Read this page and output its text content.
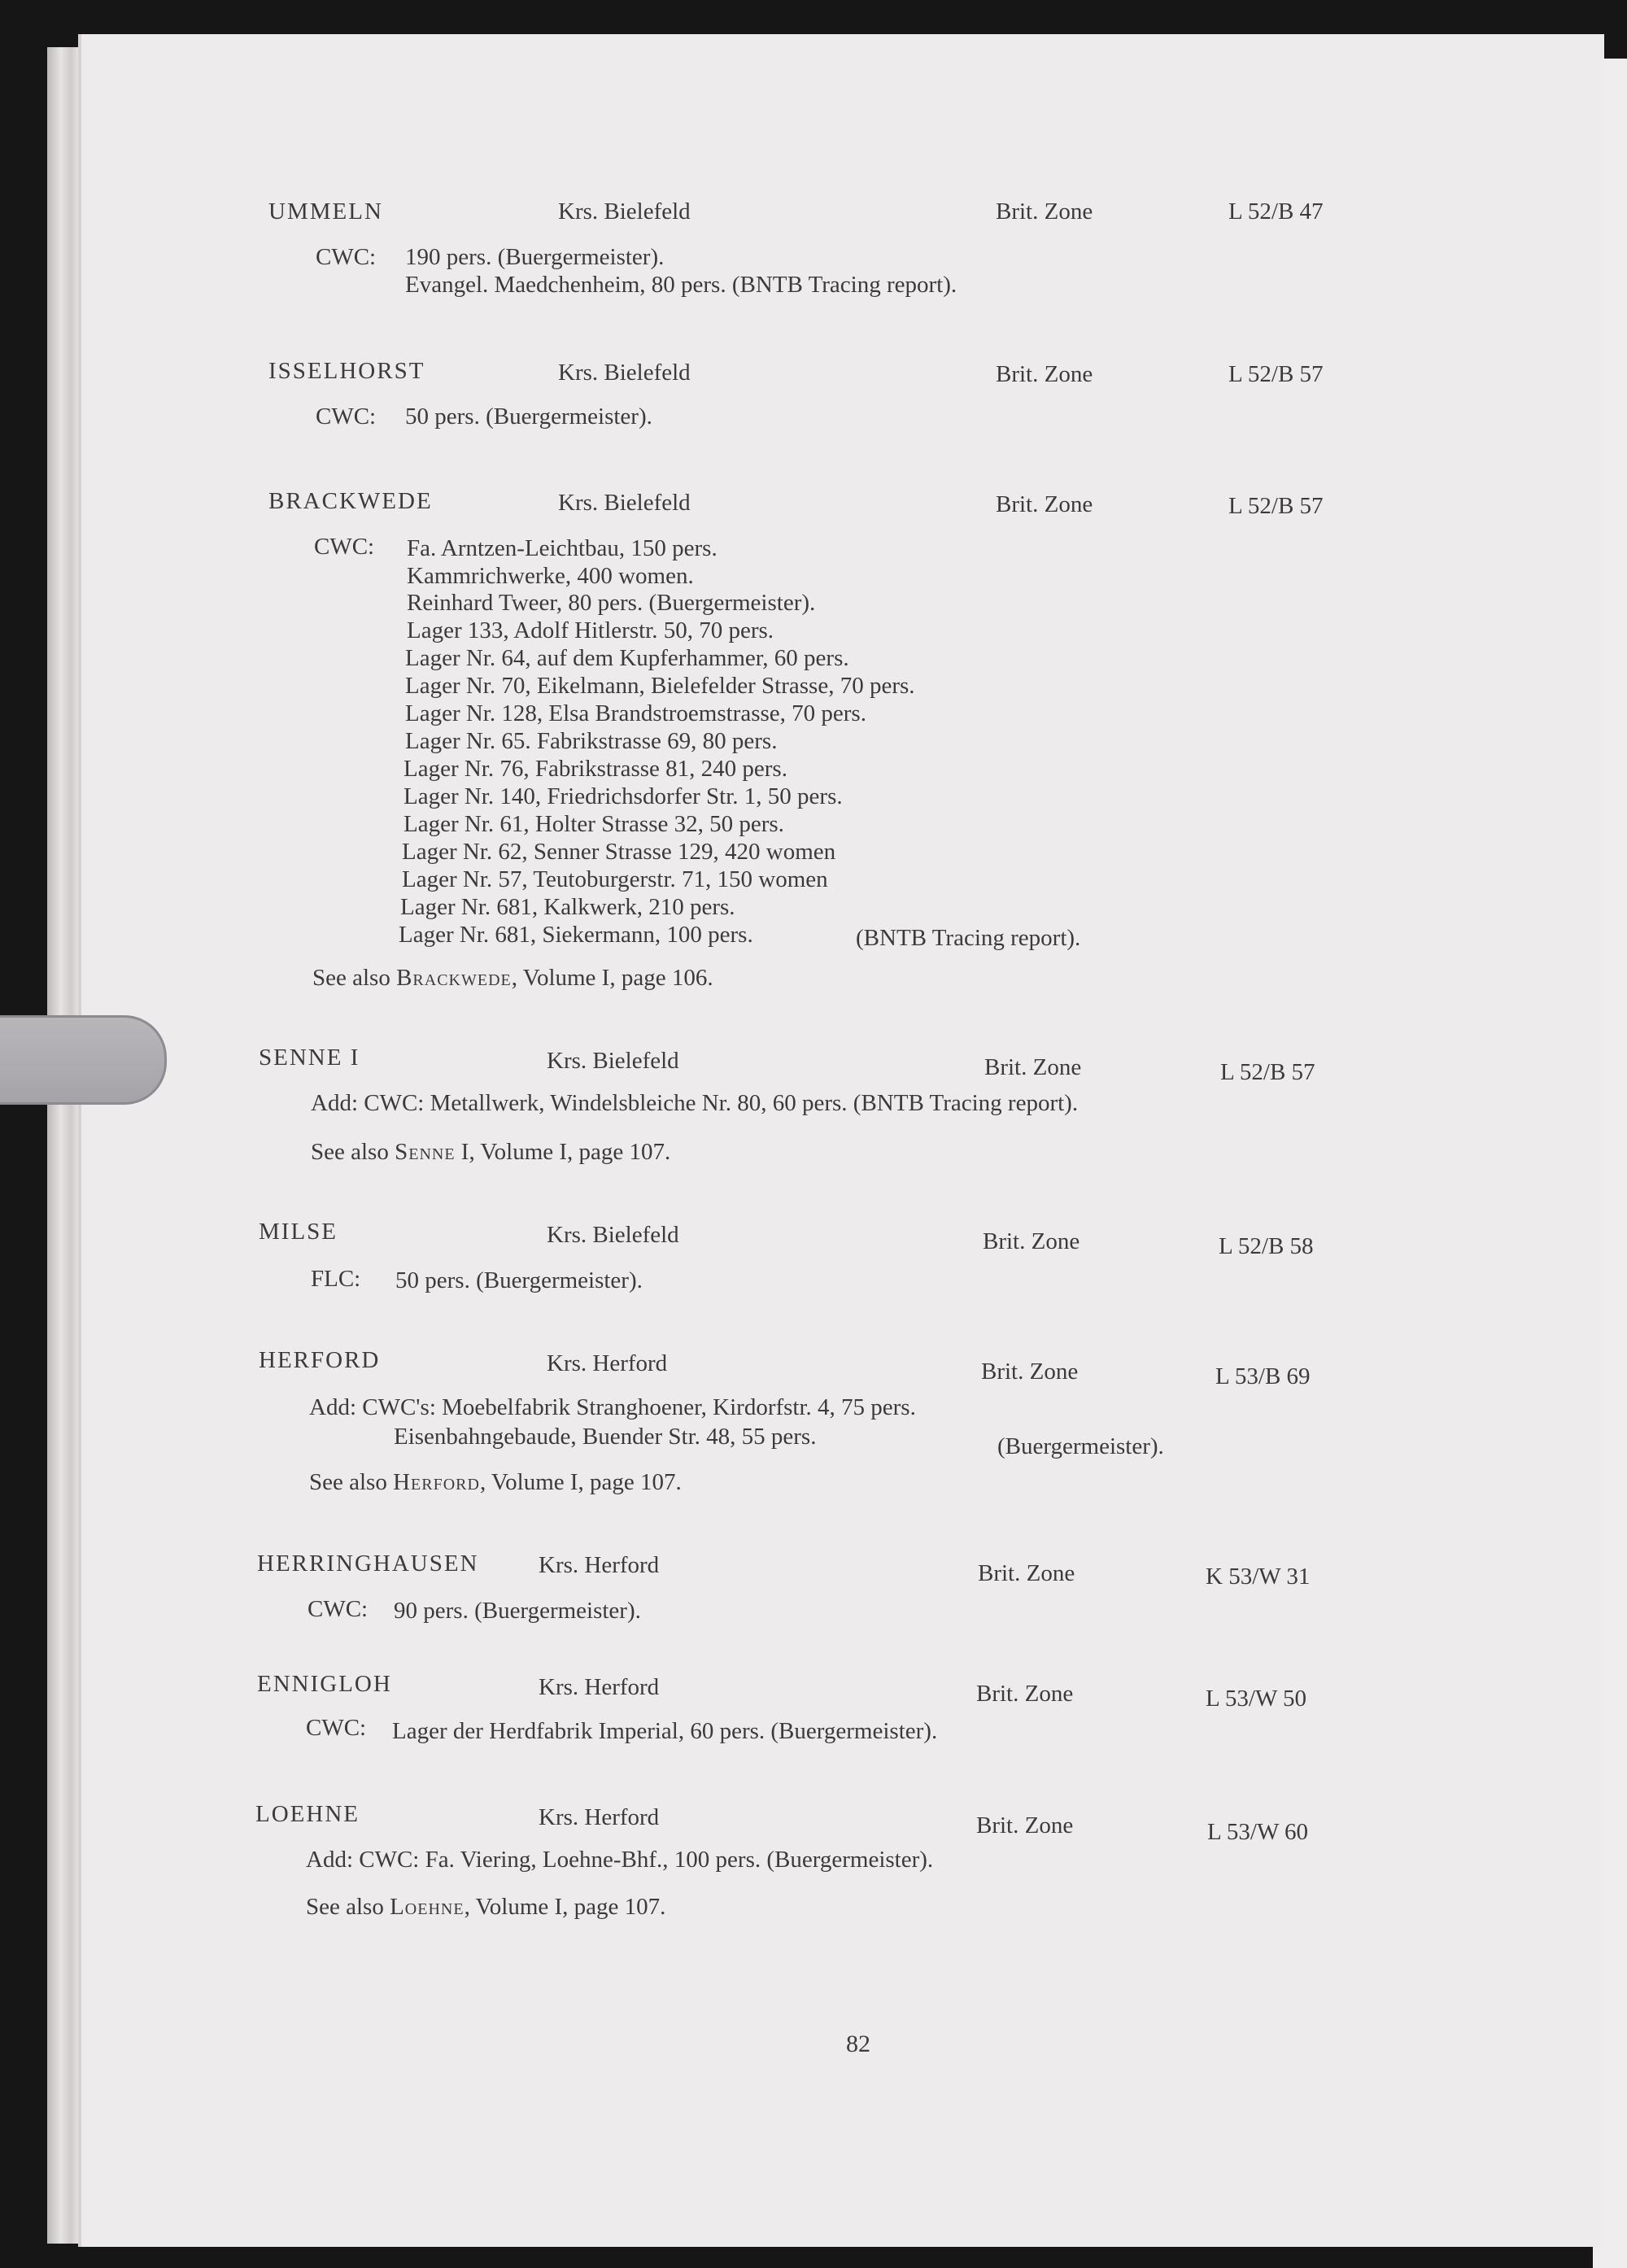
UMMELN	Krs. Bielefeld	Brit. Zone	L 52/B 47
CWC: 190 pers. (Buergermeister).
Evangel. Maedchenheim, 80 pers. (BNTB Tracing report).
ISSELHORST	Krs. Bielefeld	Brit. Zone	L 52/B 57
CWC: 50 pers. (Buergermeister).
BRACKWEDE	Krs. Bielefeld	Brit. Zone	L 52/B 57
CWC: Fa. Arntzen-Leichtbau, 150 pers.
Kammrichwerke, 400 women.
Reinhard Tweer, 80 pers. (Buergermeister).
Lager 133, Adolf Hitlerstr. 50, 70 pers.
Lager Nr. 64, auf dem Kupferhammer, 60 pers.
Lager Nr. 70, Eikelmann, Bielefelder Strasse, 70 pers.
Lager Nr. 128, Elsa Brandstroemstrasse, 70 pers.
Lager Nr. 65. Fabrikstrasse 69, 80 pers.
Lager Nr. 76, Fabrikstrasse 81, 240 pers.
Lager Nr. 140, Friedrichsdorfer Str. 1, 50 pers.
Lager Nr. 61, Holter Strasse 32, 50 pers.
Lager Nr. 62, Senner Strasse 129, 420 women
Lager Nr. 57, Teutoburgerstr. 71, 150 women
Lager Nr. 681, Kalkwerk, 210 pers.
Lager Nr. 681, Siekermann, 100 pers.	(BNTB Tracing report).
See also Brackwede, Volume I, page 106.
SENNE I	Krs. Bielefeld	Brit. Zone	L 52/B 57
Add: CWC: Metallwerk, Windelsbleiche Nr. 80, 60 pers. (BNTB Tracing report).
See also Senne I, Volume I, page 107.
MILSE	Krs. Bielefeld	Brit. Zone	L 52/B 58
FLC: 50 pers. (Buergermeister).
HERFORD	Krs. Herford	Brit. Zone	L 53/B 69
Add: CWC's: Moebelfabrik Stranghoener, Kirdorfstr. 4, 75 pers.
Eisenbahngebaude, Buender Str. 48, 55 pers.	(Buergermeister).
See also Herford, Volume I, page 107.
HERRINGHAUSEN	Krs. Herford	Brit. Zone	K 53/W 31
CWC: 90 pers. (Buergermeister).
ENNIGLOH	Krs. Herford	Brit. Zone	L 53/W 50
CWC: Lager der Herdfabrik Imperial, 60 pers. (Buergermeister).
LOEHNE	Krs. Herford	Brit. Zone	L 53/W 60
Add: CWC: Fa. Viering, Loehne-Bhf., 100 pers. (Buergermeister).
See also Loehne, Volume I, page 107.
82
